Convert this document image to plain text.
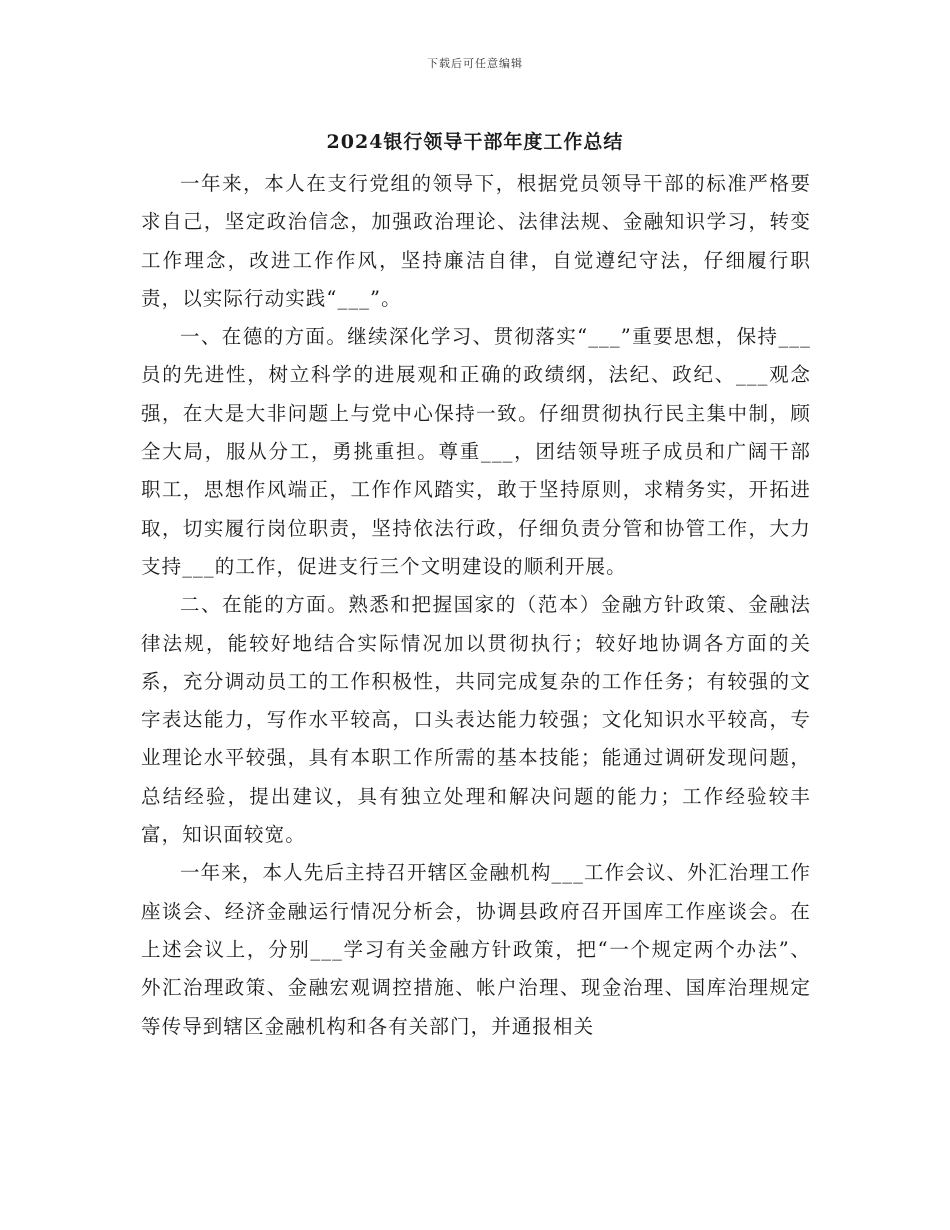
下载后可任意编辑
2024银行领导干部年度工作总结

一年来，本人在支行党组的领导下，根据党员领导干部的标准严格要求自己，坚定政治信念，加强政治理论、法律法规、金融知识学习，转变工作理念，改进工作作风，坚持廉洁自律，自觉遵纪守法，仔细履行职责，以实际行动实践“___”。

一、在德的方面。继续深化学习、贯彻落实“___”重要思想，保持___员的先进性，树立科学的进展观和正确的政绩纲，法纪、政纪、___观念强，在大是大非问题上与党中心保持一致。仔细贯彻执行民主集中制，顾全大局，服从分工，勇挑重担。尊重___，团结领导班子成员和广阔干部职工，思想作风端正，工作作风踏实，敢于坚持原则，求精务实，开拓进取，切实履行岗位职责，坚持依法行政，仔细负责分管和协管工作，大力支持___的工作，促进支行三个文明建设的顺利开展。

二、在能的方面。熟悉和把握国家的（范本）金融方针政策、金融法律法规，能较好地结合实际情况加以贯彻执行；较好地协调各方面的关系，充分调动员工的工作积极性，共同完成复杂的工作任务；有较强的文字表达能力，写作水平较高，口头表达能力较强；文化知识水平较高，专业理论水平较强，具有本职工作所需的基本技能；能通过调研发现问题，总结经验，提出建议，具有独立处理和解决问题的能力；工作经验较丰富，知识面较宽。

一年来，本人先后主持召开辖区金融机构___工作会议、外汇治理工作座谈会、经济金融运行情况分析会，协调县政府召开国库工作座谈会。在上述会议上，分别___学习有关金融方针政策，把“一个规定两个办法”、外汇治理政策、金融宏观调控措施、帐户治理、现金治理、国库治理规定等传导到辖区金融机构和各有关部门，并通报相关
